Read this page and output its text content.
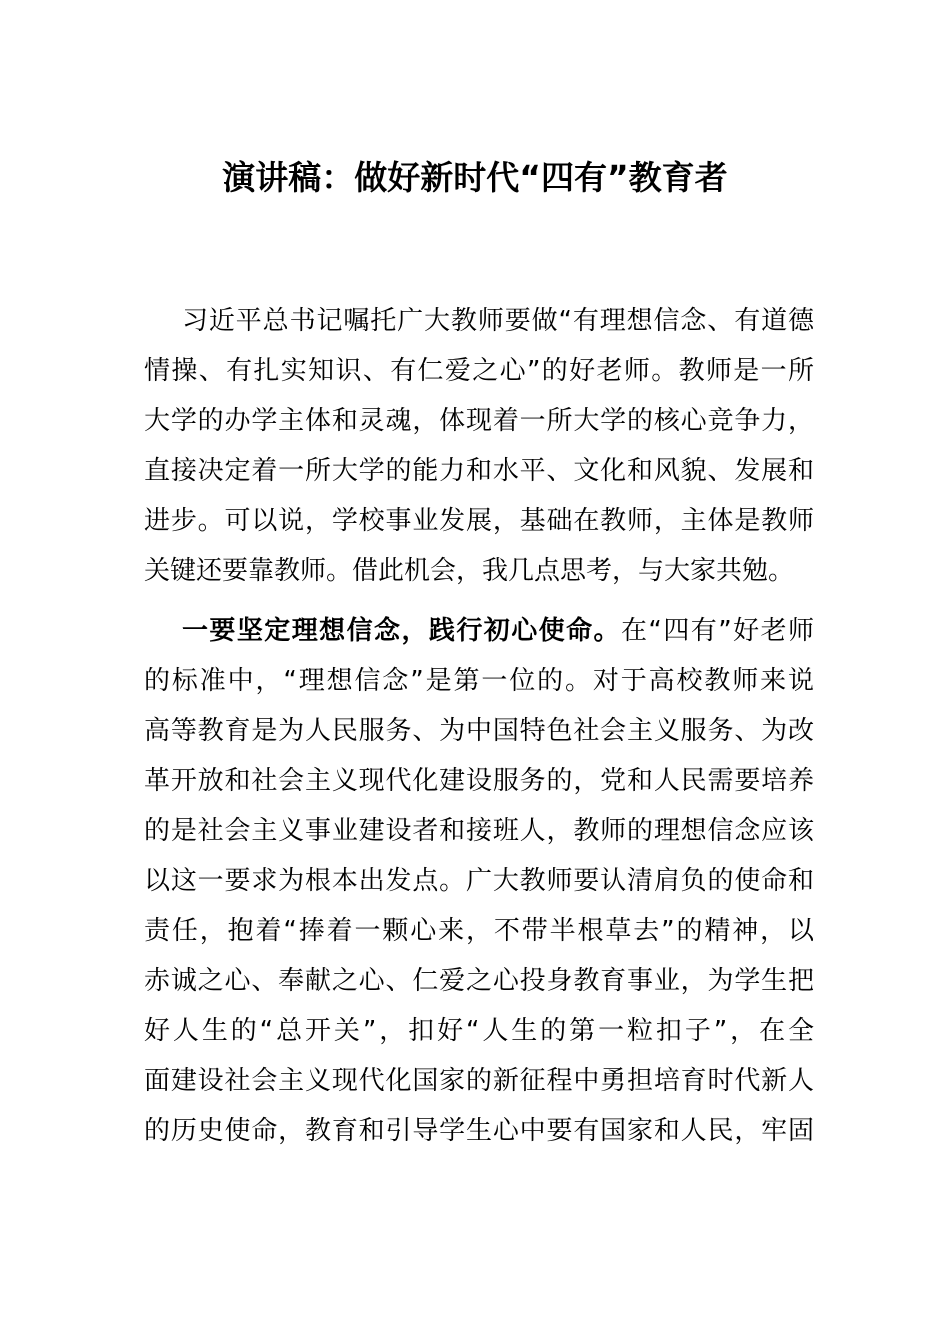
演讲稿：做好新时代“四有”教育者
习近平总书记嘱托广大教师要做“有理想信念、有道德
情操、有扎实知识、有仁爱之心”的好老师。教师是一所
大学的办学主体和灵魂，体现着一所大学的核心竞争力，
直接决定着一所大学的能力和水平、文化和风貌、发展和
进步。可以说，学校事业发展，基础在教师，主体是教师
关键还要靠教师。借此机会，我几点思考，与大家共勉。
一要坚定理想信念，践行初心使命。在“四有”好老师
的标准中，“理想信念”是第一位的。对于高校教师来说
高等教育是为人民服务、为中国特色社会主义服务、为改
革开放和社会主义现代化建设服务的，党和人民需要培养
的是社会主义事业建设者和接班人，教师的理想信念应该
以这一要求为根本出发点。广大教师要认清肩负的使命和
责任，抱着“捧着一颗心来，不带半根草去”的精神，以
赤诚之心、奉献之心、仁爱之心投身教育事业，为学生把
好人生的“总开关”，扣好“人生的第一粒扣子”，在全
面建设社会主义现代化国家的新征程中勇担培育时代新人
的历史使命，教育和引导学生心中要有国家和人民，牢固
